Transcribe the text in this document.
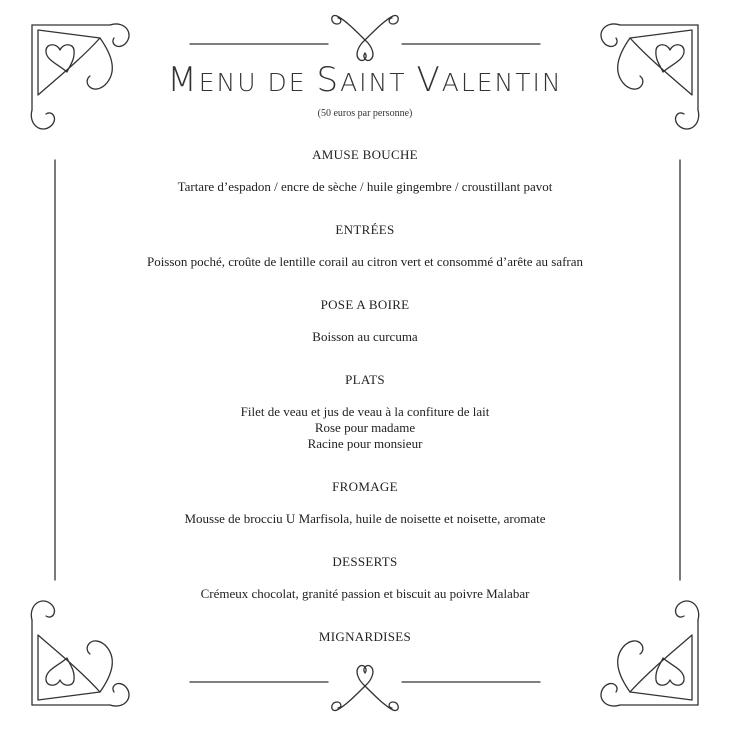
MENU DE SAINT VALENTIN
(50 euros par personne)
AMUSE BOUCHE
Tartare d’espadon / encre de sèche / huile gingembre / croustillant pavot
ENTRÉES
Poisson poché, croûte de lentille corail au citron vert et consommé d’arête au safran
POSE A BOIRE
Boisson au curcuma
PLATS
Filet de veau et jus de veau à la confiture de lait
Rose pour madame
Racine pour monsieur
FROMAGE
Mousse de brocciu U Marfisola, huile de noisette et noisette, aromate
DESSERTS
Crémeux chocolat, granité passion et biscuit au poivre Malabar
MIGNARDISES
